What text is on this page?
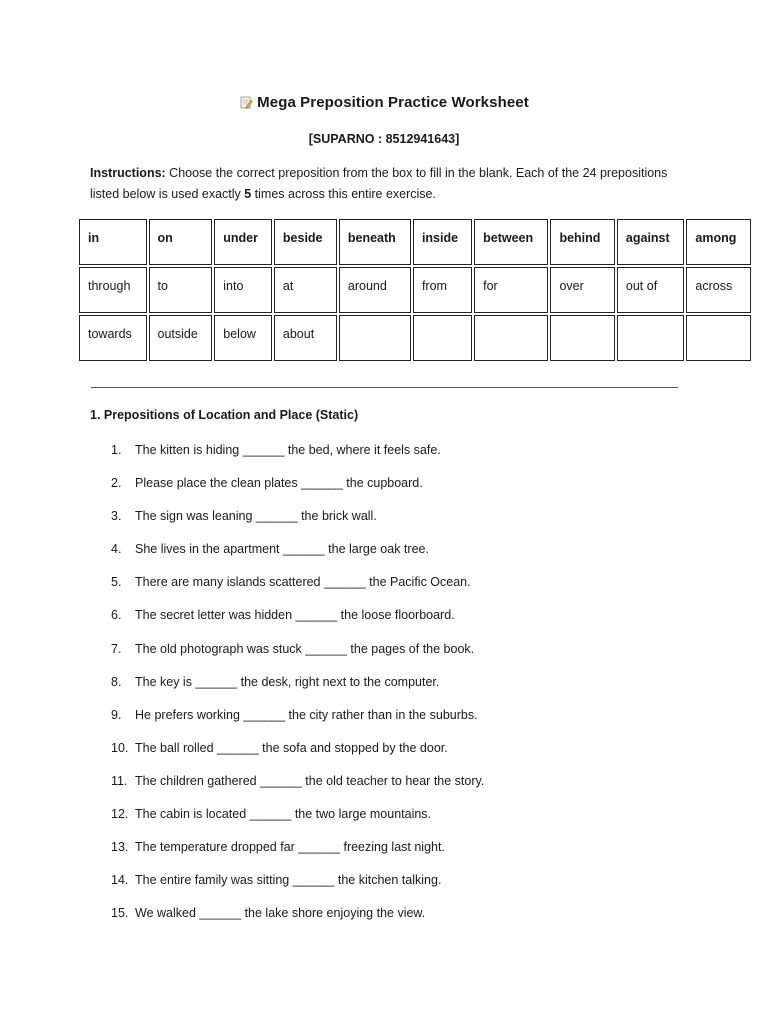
Mega Preposition Practice Worksheet
[SUPARNO : 8512941643]
Instructions: Choose the correct preposition from the box to fill in the blank. Each of the 24 prepositions listed below is used exactly 5 times across this entire exercise.
in	on	under	beside	beneath	inside	between	behind	against	among
through	to	into	at	around	from	for	over	out of	across
towards	outside	below	about						
1. Prepositions of Location and Place (Static)
1.	The kitten is hiding ______ the bed, where it feels safe.
2.	Please place the clean plates ______ the cupboard.
3.	The sign was leaning ______ the brick wall.
4.	She lives in the apartment ______ the large oak tree.
5.	There are many islands scattered ______ the Pacific Ocean.
6.	The secret letter was hidden ______ the loose floorboard.
7.	The old photograph was stuck ______ the pages of the book.
8.	The key is ______ the desk, right next to the computer.
9.	He prefers working ______ the city rather than in the suburbs.
10. The ball rolled ______ the sofa and stopped by the door.
11. The children gathered ______ the old teacher to hear the story.
12. The cabin is located ______ the two large mountains.
13. The temperature dropped far ______ freezing last night.
14. The entire family was sitting ______ the kitchen talking.
15. We walked ______ the lake shore enjoying the view.
